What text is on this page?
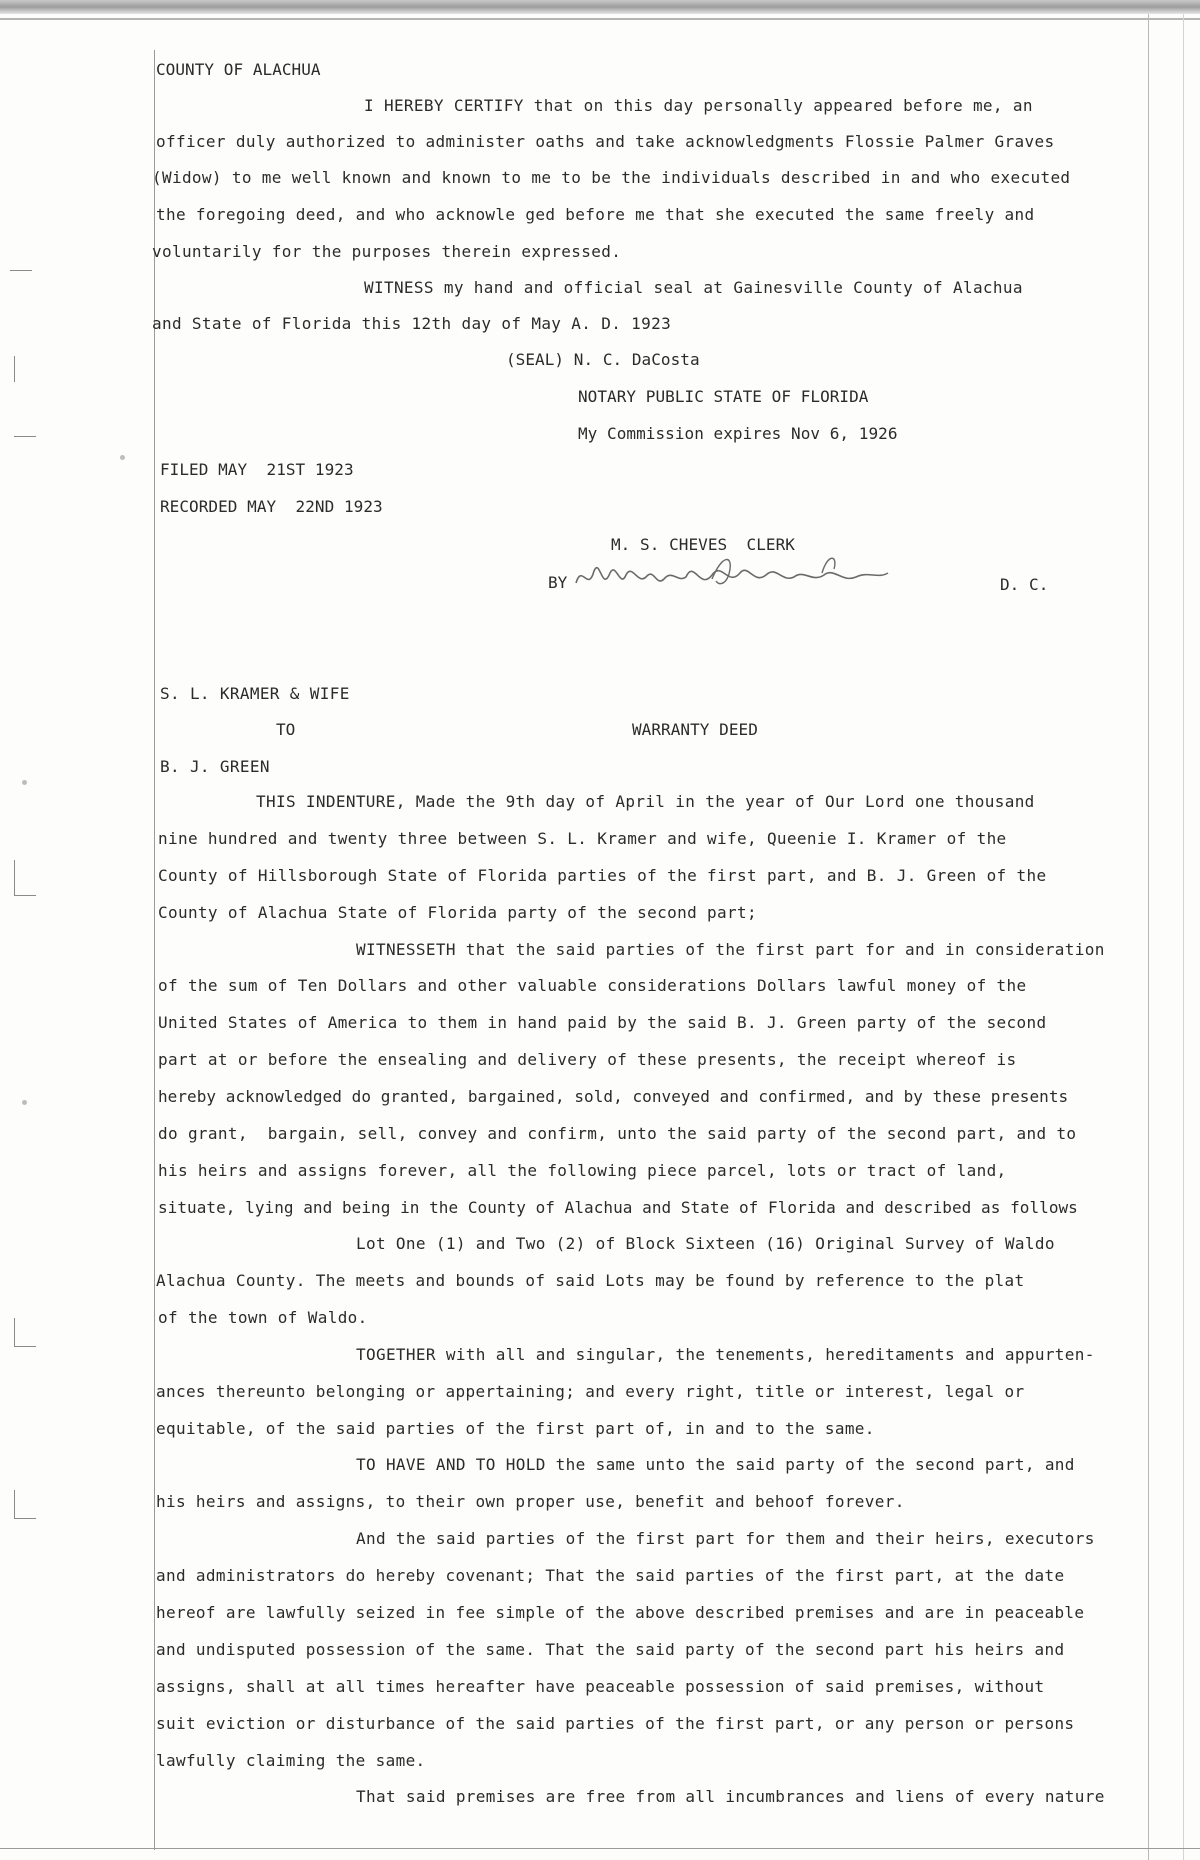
COUNTY OF ALACHUA
I HEREBY CERTIFY that on this day personally appeared before me, an
officer duly authorized to administer oaths and take acknowledgments Flossie Palmer Graves
(Widow) to me well known and known to me to be the individuals described in and who executed
the foregoing deed, and who acknowle ged before me that she executed the same freely and
voluntarily for the purposes therein expressed.
WITNESS my hand and official seal at Gainesville County of Alachua
and State of Florida this 12th day of May A. D. 1923
(SEAL) N. C. DaCosta
NOTARY PUBLIC STATE OF FLORIDA
My Commission expires Nov 6, 1926
FILED MAY  21ST 1923
RECORDED MAY  22ND 1923
M. S. CHEVES  CLERK
BY	D. C.
S. L. KRAMER & WIFE
TO	WARRANTY DEED
B. J. GREEN
THIS INDENTURE, Made the 9th day of April in the year of Our Lord one thousand
nine hundred and twenty three between S. L. Kramer and wife, Queenie I. Kramer of the
County of Hillsborough State of Florida parties of the first part, and B. J. Green of the
County of Alachua State of Florida party of the second part;
WITNESSETH that the said parties of the first part for and in consideration
of the sum of Ten Dollars and other valuable considerations Dollars lawful money of the
United States of America to them in hand paid by the said B. J. Green party of the second
part at or before the ensealing and delivery of these presents, the receipt whereof is
hereby acknowledged do granted, bargained, sold, conveyed and confirmed, and by these presents
do grant,  bargain, sell, convey and confirm, unto the said party of the second part, and to
his heirs and assigns forever, all the following piece parcel, lots or tract of land,
situate, lying and being in the County of Alachua and State of Florida and described as follows
Lot One (1) and Two (2) of Block Sixteen (16) Original Survey of Waldo
Alachua County. The meets and bounds of said Lots may be found by reference to the plat
of the town of Waldo.
TOGETHER with all and singular, the tenements, hereditaments and appurten-
ances thereunto belonging or appertaining; and every right, title or interest, legal or
equitable, of the said parties of the first part of, in and to the same.
TO HAVE AND TO HOLD the same unto the said party of the second part, and
his heirs and assigns, to their own proper use, benefit and behoof forever.
And the said parties of the first part for them and their heirs, executors
and administrators do hereby covenant; That the said parties of the first part, at the date
hereof are lawfully seized in fee simple of the above described premises and are in peaceable
and undisputed possession of the same. That the said party of the second part his heirs and
assigns, shall at all times hereafter have peaceable possession of said premises, without
suit eviction or disturbance of the said parties of the first part, or any person or persons
lawfully claiming the same.
That said premises are free from all incumbrances and liens of every nature
